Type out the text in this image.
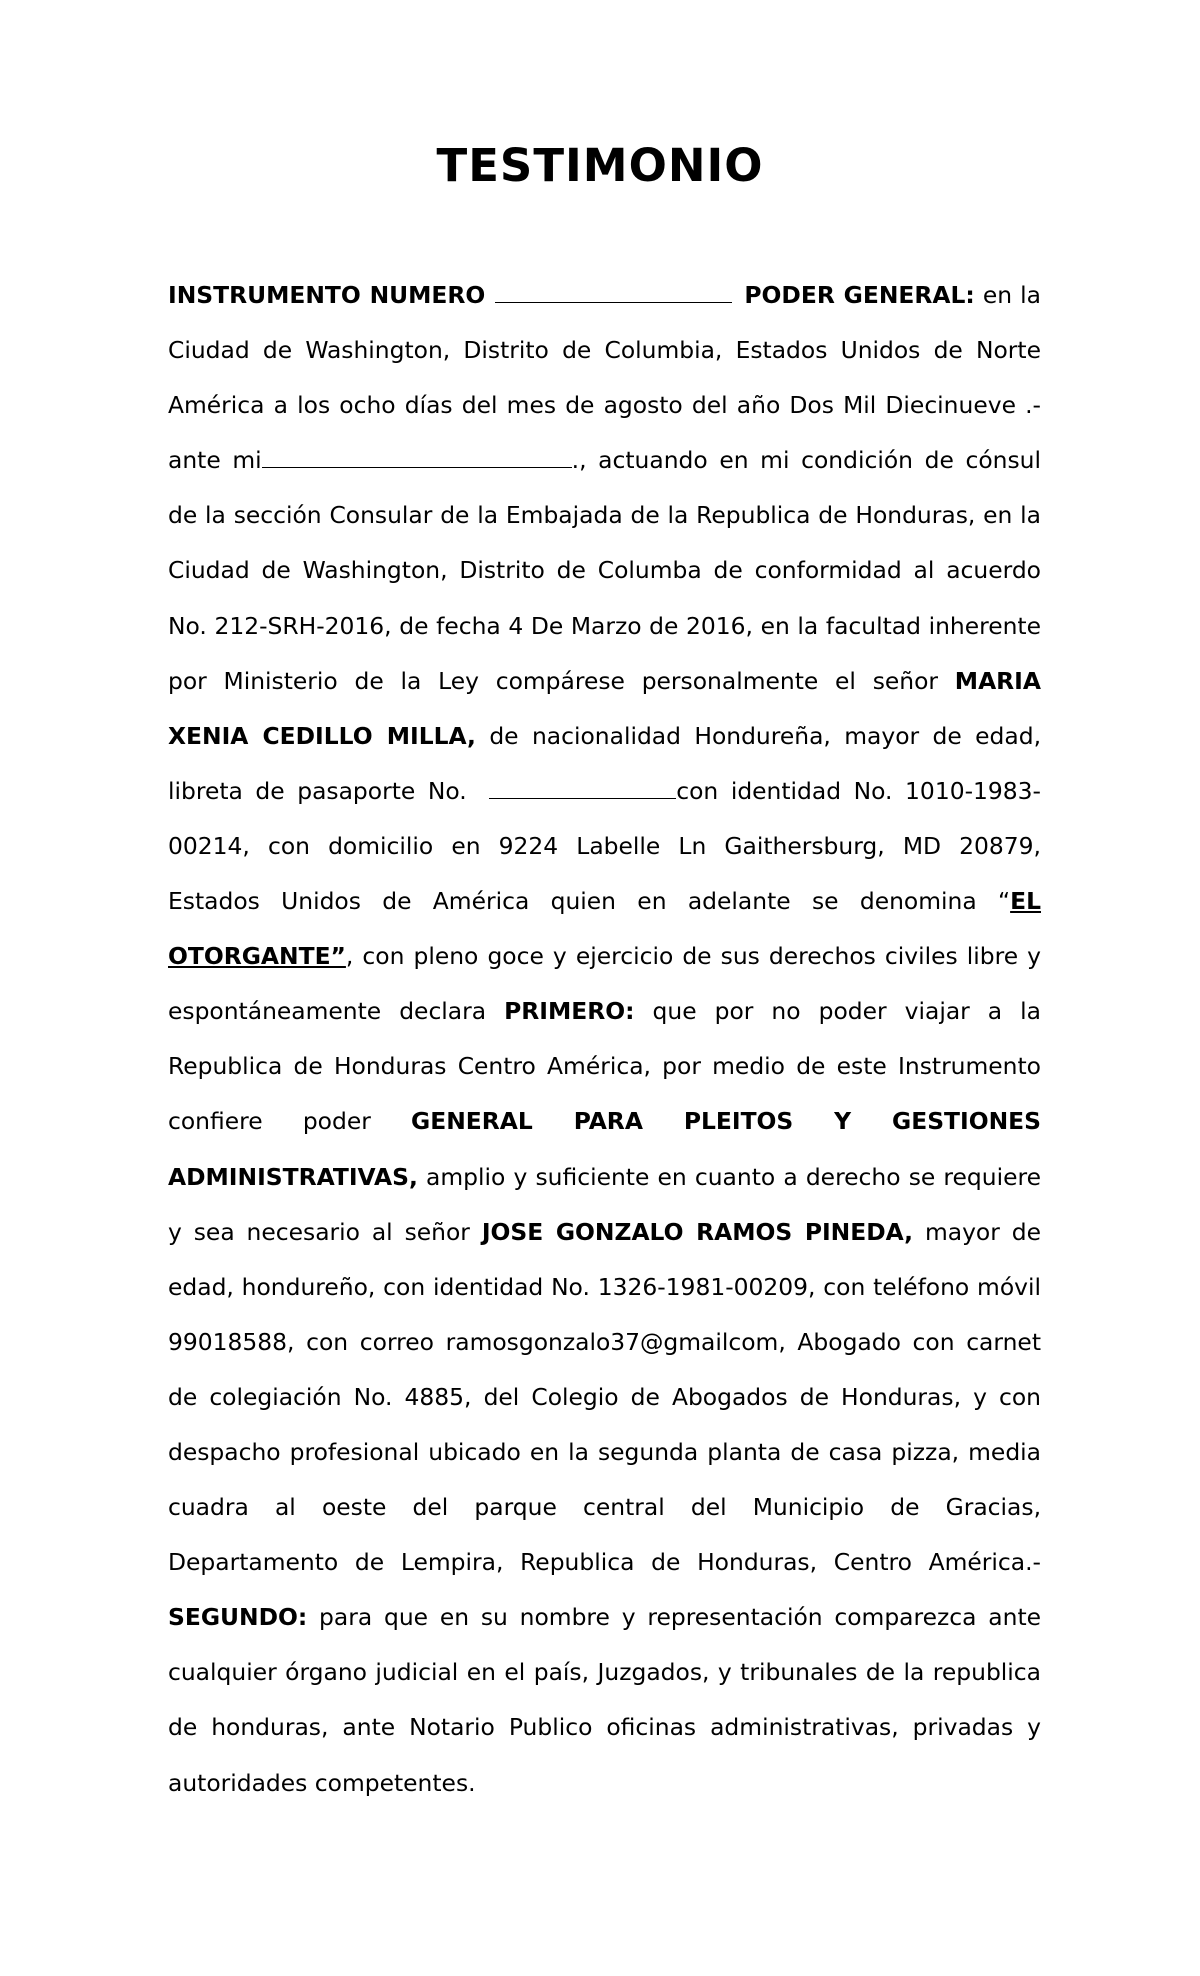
TESTIMONIO

INSTRUMENTO NUMERO	PODER GENERAL: en la Ciudad de Washington, Distrito de Columbia, Estados Unidos de Norte América a los ocho días del mes de agosto del año Dos Mil Diecinueve .-ante mi	., actuando en mi condición de cónsul de la sección Consular de la Embajada de la Republica de Honduras, en la Ciudad de Washington, Distrito de Columba de conformidad al acuerdo No. 212-SRH-2016, de fecha 4 De Marzo de 2016, en la facultad inherente por Ministerio de la Ley compárese personalmente el señor MARIA XENIA CEDILLO MILLA, de nacionalidad Hondureña, mayor de edad, libreta de pasaporte No.	con identidad No. 1010-1983-00214, con domicilio en 9224 Labelle Ln Gaithersburg, MD 20879, Estados Unidos de América quien en adelante se denomina “EL OTORGANTE”, con pleno goce y ejercicio de sus derechos civiles libre y espontáneamente declara PRIMERO: que por no poder viajar a la Republica de Honduras Centro América, por medio de este Instrumento confiere poder GENERAL PARA PLEITOS Y GESTIONES ADMINISTRATIVAS, amplio y suficiente en cuanto a derecho se requiere y sea necesario al señor JOSE GONZALO RAMOS PINEDA, mayor de edad, hondureño, con identidad No. 1326-1981-00209, con teléfono móvil 99018588, con correo ramosgonzalo37@gmailcom, Abogado con carnet de colegiación No. 4885, del Colegio de Abogados de Honduras, y con despacho profesional ubicado en la segunda planta de casa pizza, media cuadra al oeste del parque central del Municipio de Gracias, Departamento de Lempira, Republica de Honduras, Centro América.-SEGUNDO: para que en su nombre y representación comparezca ante cualquier órgano judicial en el país, Juzgados, y tribunales de la republica de honduras, ante Notario Publico oficinas administrativas, privadas y autoridades competentes.
